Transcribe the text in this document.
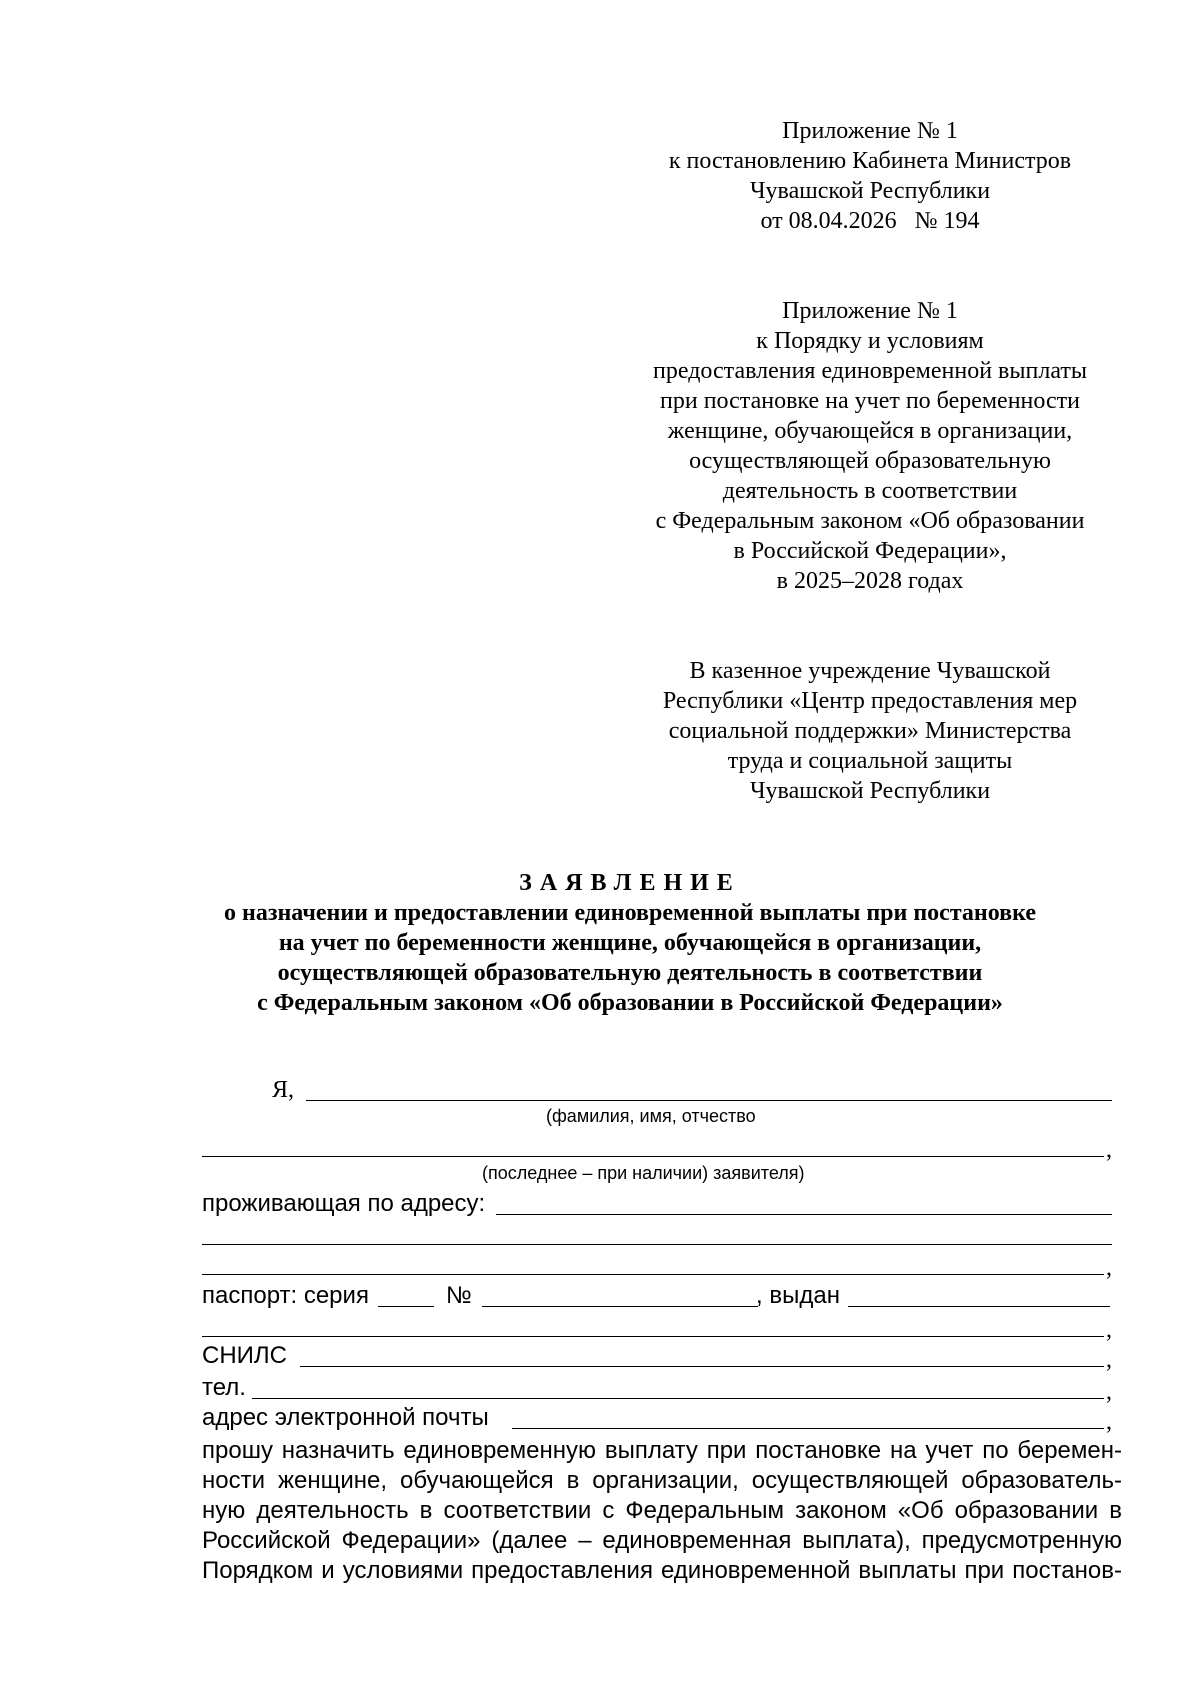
Приложение № 1
к постановлению Кабинета Министров
Чувашской Республики
от 08.04.2026   № 194
Приложение № 1
к Порядку и условиям
предоставления единовременной выплаты
при постановке на учет по беременности
женщине, обучающейся в организации,
осуществляющей образовательную
деятельность в соответствии
с Федеральным законом «Об образовании
в Российской Федерации»,
в 2025–2028 годах
В казенное учреждение Чувашской
Республики «Центр предоставления мер
социальной поддержки» Министерства
труда и социальной защиты
Чувашской Республики
ЗАЯВЛЕНИЕ
о назначении и предоставлении единовременной выплаты при постановке
на учет по беременности женщине, обучающейся в организации,
осуществляющей образовательную деятельность в соответствии
с Федеральным законом «Об образовании в Российской Федерации»
Я,
(фамилия, имя, отчество
,
(последнее – при наличии) заявителя)
проживающая по адресу:
,
паспорт: серия	№	, выдан
,
СНИЛС	,
тел.	,
адрес электронной почты	,
прошу назначить единовременную выплату при постановке на учет по беремен-
ности женщине, обучающейся в организации, осуществляющей образователь-
ную деятельность в соответствии с Федеральным законом «Об образовании в
Российской Федерации» (далее – единовременная выплата), предусмотренную
Порядком и условиями предоставления единовременной выплаты при постанов-
